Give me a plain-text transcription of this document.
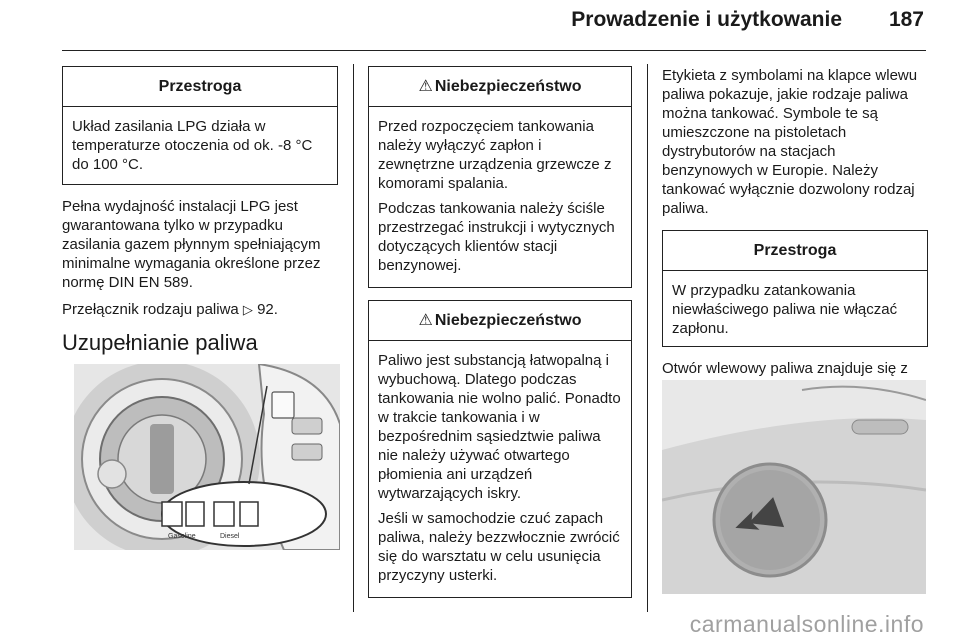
Prowadzenie i użytkowanie 187
Przestroga

Układ zasilania LPG działa w temperaturze otoczenia od ok. -8 °C do 100 °C.

Pełna wydajność instalacji LPG jest gwarantowana tylko w przypadku zasilania gazem płynnym spełniającym minimalne wymagania określone przez normę DIN EN 589.

Przełącznik rodzaju paliwa ▷ 92.

Uzupełnianie paliwa
Gasoline	Diesel
⚠ Niebezpieczeństwo

Przed rozpoczęciem tankowania należy wyłączyć zapłon i zewnętrzne urządzenia grzewcze z komorami spalania.

Podczas tankowania należy ściśle przestrzegać instrukcji i wytycznych dotyczących klientów stacji benzynowej.

⚠ Niebezpieczeństwo

Paliwo jest substancją łatwopalną i wybuchową. Dlatego podczas tankowania nie wolno palić. Ponadto w trakcie tankowania i w bezpośrednim sąsiedztwie paliwa nie należy używać otwartego płomienia ani urządzeń wytwarzających iskry.

Jeśli w samochodzie czuć zapach paliwa, należy bezzwłocznie zwrócić się do warsztatu w celu usunięcia przyczyny usterki.

Etykieta z symbolami na klapce wlewu paliwa pokazuje, jakie rodzaje paliwa można tankować. Symbole te są umieszczone na pistoletach dystrybutorów na stacjach benzynowych w Europie. Należy tankować wyłącznie dozwolony rodzaj paliwa.

Przestroga

W przypadku zatankowania niewłaściwego paliwa nie włączać zapłonu.

Otwór wlewowy paliwa znajduje się z

carmanualsonline.info
